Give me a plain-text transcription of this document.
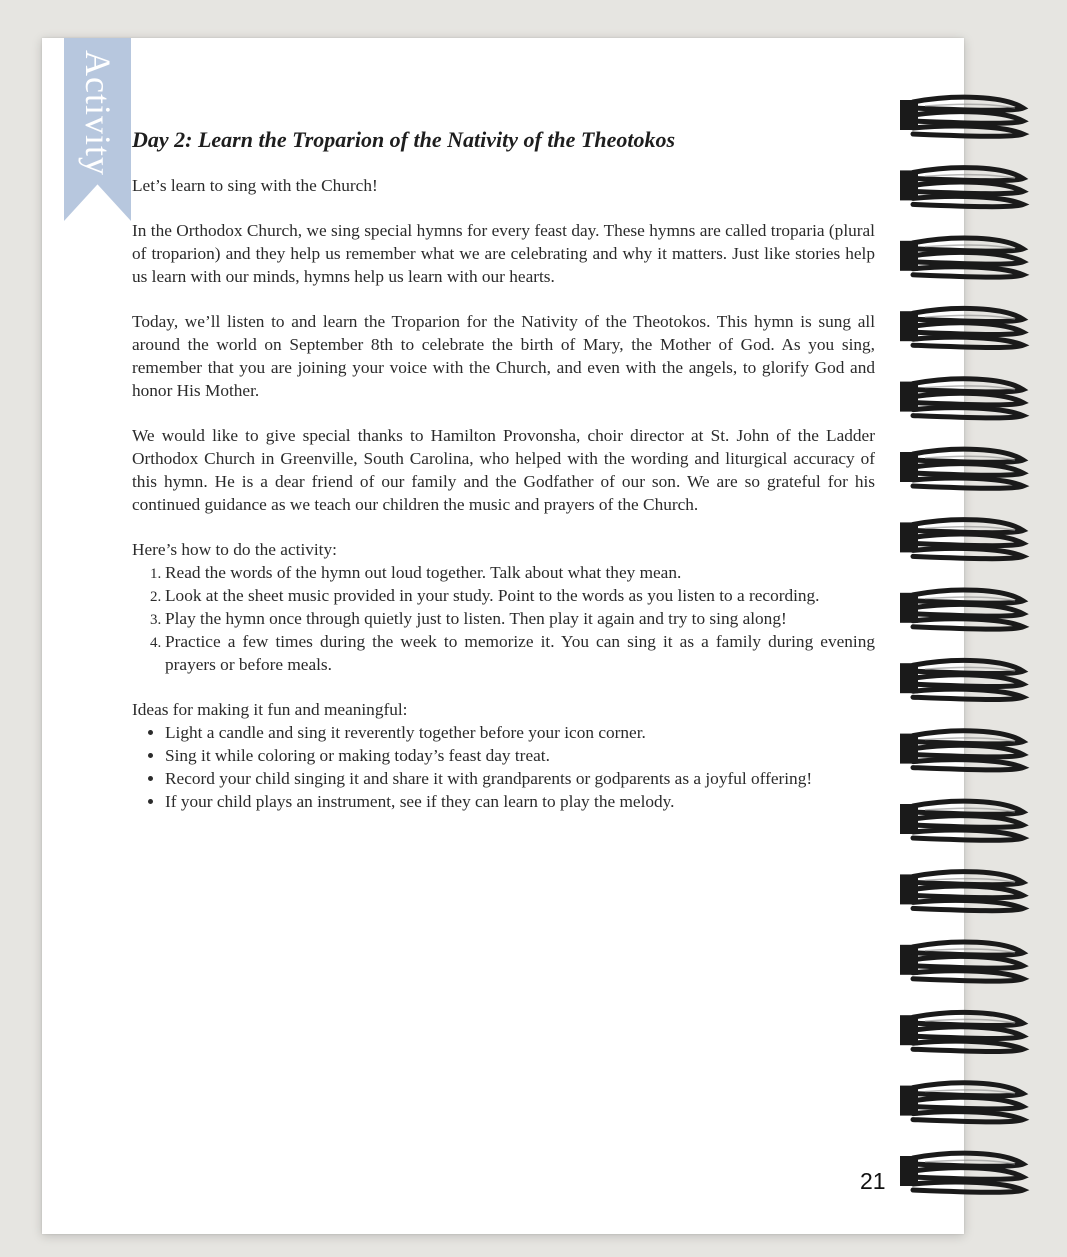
Activity Day 2: Learn the Troparion of the Nativity of the Theotokos

Let’s learn to sing with the Church!

In the Orthodox Church, we sing special hymns for every feast day. These hymns are called troparia (plural of troparion) and they help us remember what we are celebrating and why it matters. Just like stories help us learn with our minds, hymns help us learn with our hearts.

Today, we’ll listen to and learn the Troparion for the Nativity of the Theotokos. This hymn is sung all around the world on September 8th to celebrate the birth of Mary, the Mother of God. As you sing, remember that you are joining your voice with the Church, and even with the angels, to glorify God and honor His Mother.

We would like to give special thanks to Hamilton Provonsha, choir director at St. John of the Ladder Orthodox Church in Greenville, South Carolina, who helped with the wording and liturgical accuracy of this hymn. He is a dear friend of our family and the Godfather of our son. We are so grateful for his continued guidance as we teach our children the music and prayers of the Church.

Here’s how to do the activity:

1. Read the words of the hymn out loud together. Talk about what they mean.
2. Look at the sheet music provided in your study. Point to the words as you listen to a recording.
3. Play the hymn once through quietly just to listen. Then play it again and try to sing along!
4. Practice a few times during the week to memorize it. You can sing it as a family during evening prayers or before meals.

Ideas for making it fun and meaningful:

• Light a candle and sing it reverently together before your icon corner.
• Sing it while coloring or making today’s feast day treat.
• Record your child singing it and share it with grandparents or godparents as a joyful offering!
• If your child plays an instrument, see if they can learn to play the melody.
21
